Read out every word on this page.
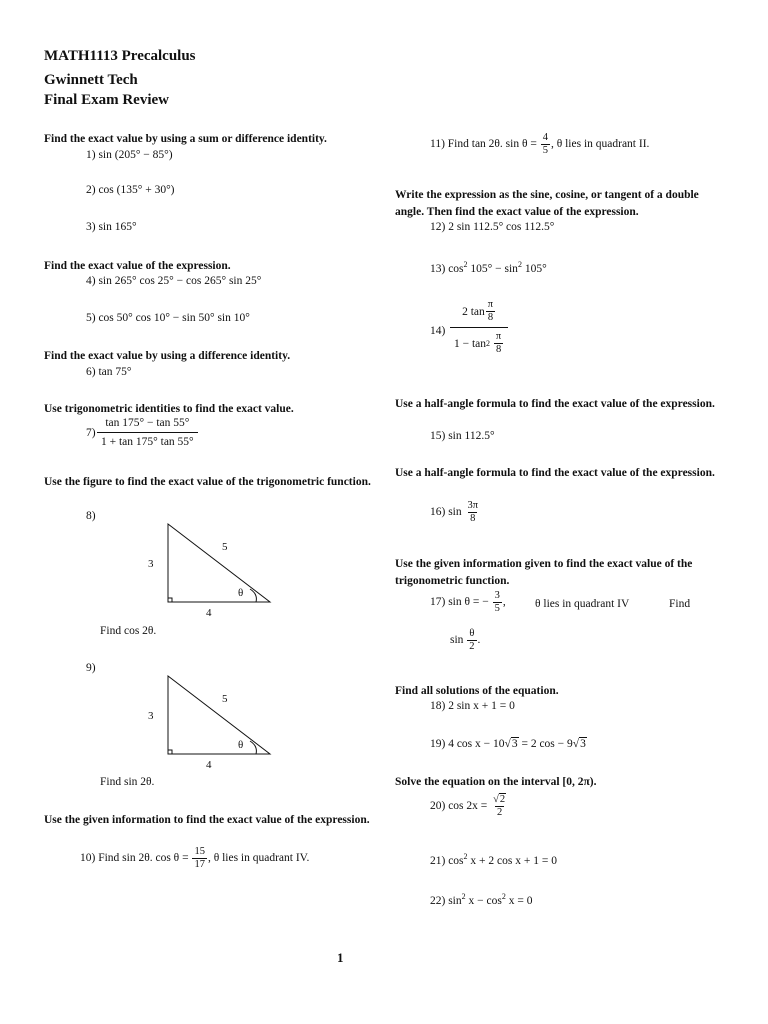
MATH1113 Precalculus
Gwinnett Tech
Final Exam Review
Find the exact value by using a sum or difference identity.
1) sin (205° − 85°)
2) cos (135° + 30°)
3) sin 165°
Find the exact value of the expression.
4) sin 265° cos 25° − cos 265° sin 25°
5) cos 50° cos 10° − sin 50° sin 10°
Find the exact value by using a difference identity.
6) tan 75°
Use trigonometric identities to find the exact value.
$7) \frac{\tan 175^\circ - \tan 55^\circ}{1 + \tan 175^\circ \tan 55^\circ}$
Use the figure to find the exact value of the trigonometric function.
8)
3
5
4
θ
Find cos 2θ.
9)
3
5
4
θ
Find sin 2θ.
Use the given information to find the exact value of the expression.
10) Find sin 2θ. $\cos \theta = \frac{15}{17}$ , θ lies in quadrant IV.
11) Find tan 2θ. $\sin \theta = \frac{4}{5}$ , θ lies in quadrant II.
Write the expression as the sine, cosine, or tangent of a double angle. Then find the exact value of the expression.
12) 2 sin 112.5° cos 112.5°
13) $\cos^2 105^\circ - \sin^2 105^\circ$
14) 2 $\tan \frac{\pi}{8}$
1 − tan 2
$\frac{\pi}{8}$
Use a half-angle formula to find the exact value of the expression.
15) sin 112.5°
Use a half-angle formula to find the exact value of the expression.
16) $\sin \frac{3\pi}{8}$
Use the given information given to find the exact value of the trigonometric function.
17) sin θ = − $\frac{3}{5}$ ,	θ lies in quadrant IV	Find
$\sin \frac{\theta}{2}$ .
Find all solutions of the equation.
18) 2 sin x + 1 = 0
19) 4 cos x − 10√3 = 2 cos − 9√3
Solve the equation on the interval [0, 2π).
20) $\cos 2x = \frac{√2}{2}$
21) $\cos^2 x + 2$ cos x + 1 = 0
22) $\sin^2 x - \cos^2 x = 0$
1
